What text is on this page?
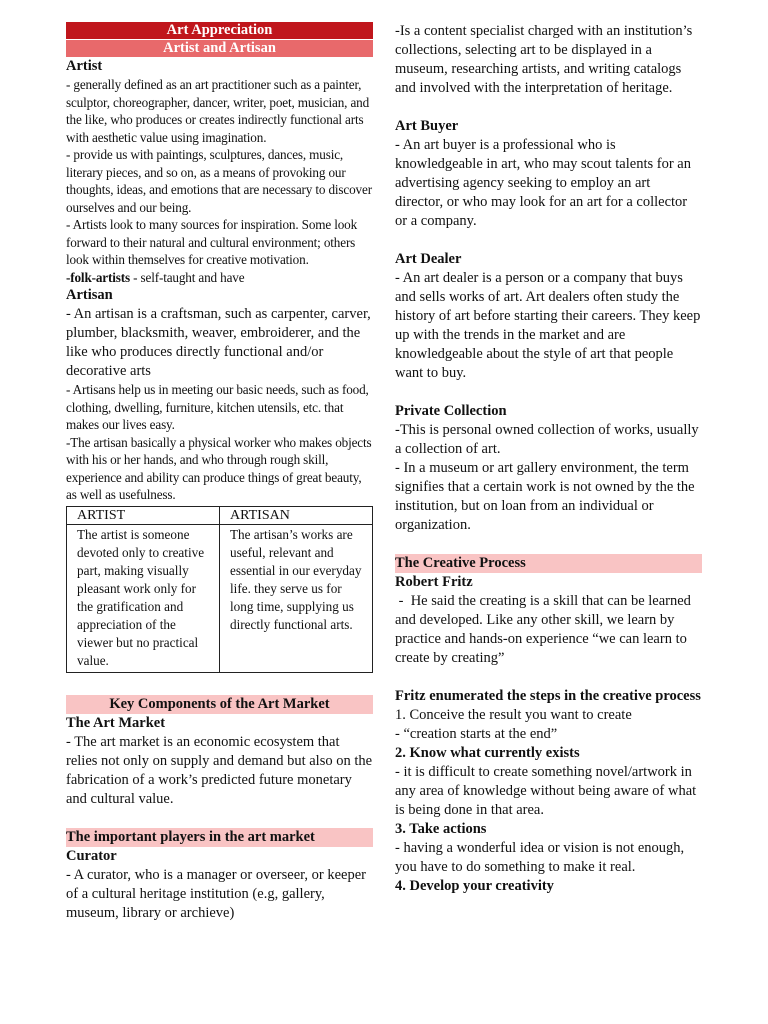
Art Appreciation
Artist and Artisan
Artist
- generally defined as an art practitioner such as a painter, sculptor, choreographer, dancer, writer, poet, musician, and the like, who produces or creates indirectly functional arts with aesthetic value using imagination.
- provide us with paintings, sculptures, dances, music, literary pieces, and so on, as a means of provoking our thoughts, ideas, and emotions that are necessary to discover ourselves and our being.
- Artists look to many sources for inspiration. Some look forward to their natural and cultural environment; others look within themselves for creative motivation.
-folk-artists - self-taught and have
Artisan
- An artisan is a craftsman, such as carpenter, carver, plumber, blacksmith, weaver, embroiderer, and the like who produces directly functional and/or decorative arts
- Artisans help us in meeting our basic needs, such as food, clothing, dwelling, furniture, kitchen utensils, etc. that makes our lives easy.
-The artisan basically a physical worker who makes objects with his or her hands, and who through rough skill, experience and ability can produce things of great beauty, as well as usefulness.
ARTIST	ARTISAN
The artist is someone devoted only to creative part, making visually pleasant work only for the gratification and appreciation of the viewer but no practical value.	The artisan’s works are useful, relevant and essential in our everyday life. they serve us for long time, supplying us directly functional arts.
Key Components of the Art Market
The Art Market
- The art market is an economic ecosystem that relies not only on supply and demand but also on the fabrication of a work’s predicted future monetary and cultural value.
The important players in the art market
Curator
- A curator, who is a manager or overseer, or keeper of a cultural heritage institution (e.g, gallery, museum, library or archieve)
-Is a content specialist charged with an institution’s collections, selecting art to be displayed in a museum, researching artists, and writing catalogs and involved with the interpretation of heritage.
Art Buyer
- An art buyer is a professional who is knowledgeable in art, who may scout talents for an advertising agency seeking to employ an art director, or who may look for an art for a collector or a company.
Art Dealer
- An art dealer is a person or a company that buys and sells works of art. Art dealers often study the history of art before starting their careers. They keep up with the trends in the market and are knowledgeable about the style of art that people want to buy.
Private Collection
-This is personal owned collection of works, usually a collection of art.
- In a museum or art gallery environment, the term signifies that a certain work is not owned by the the institution, but on loan from an individual or organization.
The Creative Process
Robert Fritz
-  He said the creating is a skill that can be learned and developed. Like any other skill, we learn by practice and hands-on experience “we can learn to create by creating”
Fritz enumerated the steps in the creative process
1. Conceive the result you want to create
- “creation starts at the end”
2. Know what currently exists
- it is difficult to create something novel/artwork in any area of knowledge without being aware of what is being done in that area.
3. Take actions
- having a wonderful idea or vision is not enough, you have to do something to make it real.
4. Develop your creativity
